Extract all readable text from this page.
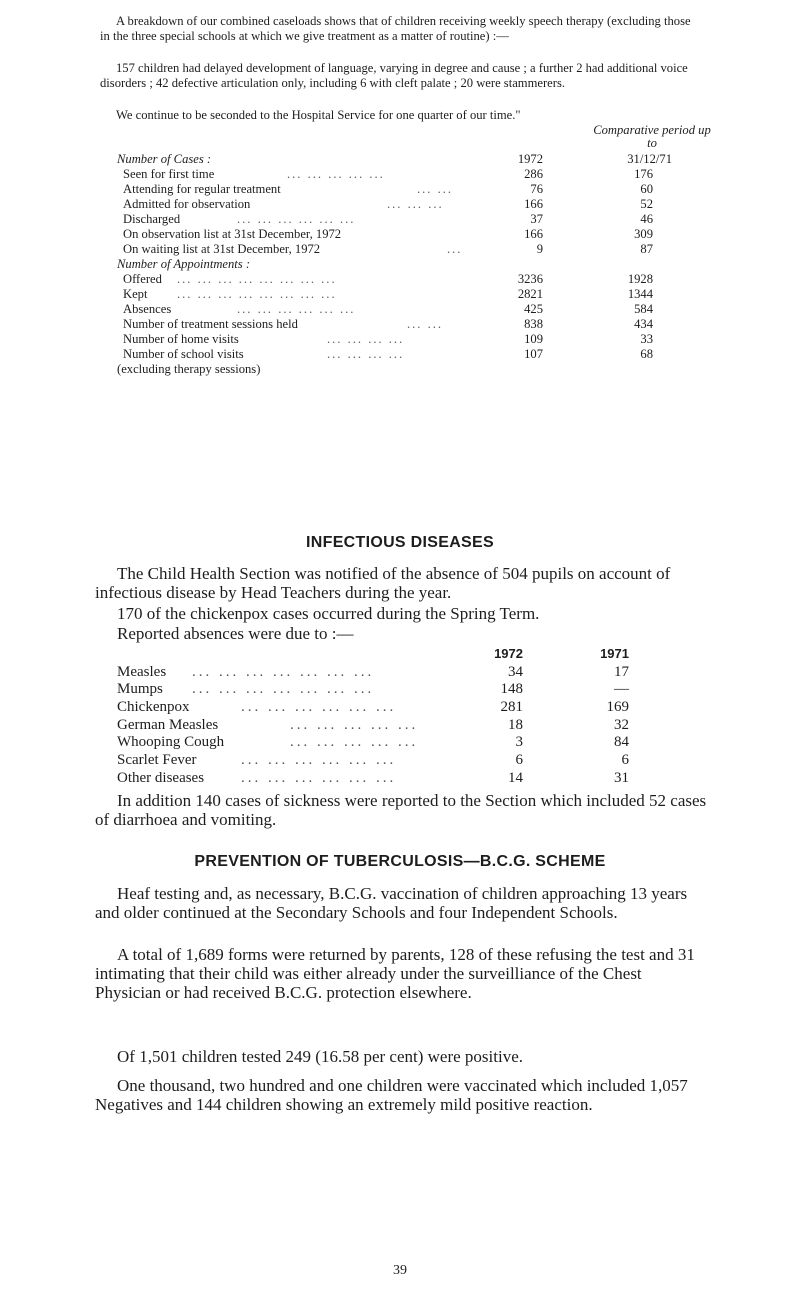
A breakdown of our combined caseloads shows that of children receiving weekly speech therapy (excluding those in the three special schools at which we give treatment as a matter of routine) :—

157 children had delayed development of language, varying in degree and cause ; a further 2 had additional voice disorders ; 42 defective articulation only, including 6 with cleft palate ; 20 were stammerers.

We continue to be seconded to the Hospital Service for one quarter of our time."

Comparative period up to
Number of Cases :	1972	31/12/71
Seen for first time	... ... ... ... ...	286	176
Attending for regular treatment	... ...	76	60
Admitted for observation	... ... ...	166	52
Discharged	... ... ... ... ... ...	37	46
On observation list at 31st December, 1972	166	309
On waiting list at 31st December, 1972	...	9	87
Number of Appointments :
Offered ... ... ... ... ... ... ... ...	3236	1928
Kept ... ... ... ... ... ... ... ...	2821	1344
Absences	... ... ... ... ... ...	425	584
Number of treatment sessions held	... ...	838	434
Number of home visits	... ... ... ...	109	33
Number of school visits	... ... ... ...	107	68
(excluding therapy sessions)
INFECTIOUS DISEASES

The Child Health Section was notified of the absence of 504 pupils on account of infectious disease by Head Teachers during the year.

170 of the chickenpox cases occurred during the Spring Term.

Reported absences were due to :—

1972	1971
Measles ... ... ... ... ... ... ...	34	17
Mumps ... ... ... ... ... ... ...	148	—
Chickenpox	... ... ... ... ... ...	281	169
German Measles	... ... ... ... ...	18	32
Whooping Cough	... ... ... ... ...	3	84
Scarlet Fever	... ... ... ... ... ...	6	6
Other diseases ... ... ... ... ... ...	14	31

In addition 140 cases of sickness were reported to the Section which included 52 cases of diarrhoea and vomiting.

PREVENTION OF TUBERCULOSIS—B.C.G. SCHEME

Heaf testing and, as necessary, B.C.G. vaccination of children approaching 13 years and older continued at the Secondary Schools and four Independent Schools.

A total of 1,689 forms were returned by parents, 128 of these refusing the test and 31 intimating that their child was either already under the surveilliance of the Chest Physician or had received B.C.G. protection elsewhere.

Of 1,501 children tested 249 (16.58 per cent) were positive.

One thousand, two hundred and one children were vaccinated which included 1,057 Negatives and 144 children showing an extremely mild positive reaction.

39
